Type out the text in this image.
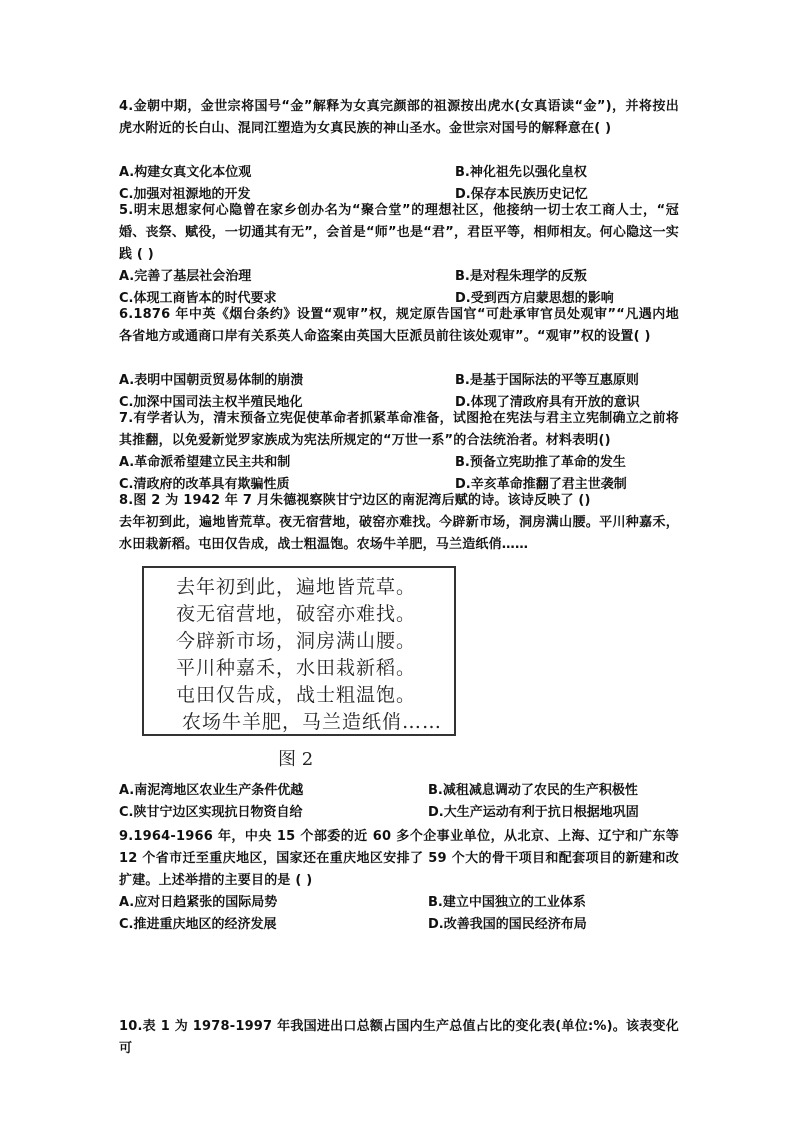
4.金朝中期，金世宗将国号“金”解释为女真完颜部的祖源按出虎水(女真语读“金”)，并将按出虎水附近的长白山、混同江塑造为女真民族的神山圣水。金世宗对国号的解释意在( )
A.构建女真文化本位观	B.神化祖先以强化皇权
C.加强对祖源地的开发	D.保存本民族历史记忆
5.明末思想家何心隐曾在家乡创办名为“聚合堂”的理想社区，他接纳一切士农工商人士，“冠婚、丧祭、赋役，一切通其有无”，会首是“师”也是“君”，君臣平等，相师相友。何心隐这一实践 ( )
A.完善了基层社会治理	B.是对程朱理学的反叛
C.体现工商皆本的时代要求	D.受到西方启蒙思想的影响
6.1876 年中英《烟台条约》设置“观审”权，规定原告国官“可赴承审官员处观审”“凡遇内地各省地方或通商口岸有关系英人命盗案由英国大臣派员前往该处观审”。“观审”权的设置( )
A.表明中国朝贡贸易体制的崩溃	B.是基于国际法的平等互惠原则
C.加深中国司法主权半殖民地化	D.体现了清政府具有开放的意识
7.有学者认为，清末预备立宪促使革命者抓紧革命准备，试图抢在宪法与君主立宪制确立之前将其推翻，以免爱新觉罗家族成为宪法所规定的“万世一系”的合法统治者。材料表明()
A.革命派希望建立民主共和制	B.预备立宪助推了革命的发生
C.清政府的改革具有欺骗性质	D.辛亥革命推翻了君主世袭制
8.图 2 为 1942 年 7 月朱德视察陕甘宁边区的南泥湾后赋的诗。该诗反映了 ()
去年初到此，遍地皆荒草。夜无宿营地，破窑亦难找。今辟新市场，洞房满山腰。平川种嘉禾，水田栽新稻。屯田仅告成，战士粗温饱。农场牛羊肥，马兰造纸俏……
去年初到此，遍地皆荒草。
夜无宿营地，破窑亦难找。
今辟新市场，洞房满山腰。
平川种嘉禾，水田栽新稻。
屯田仅告成，战士粗温饱。
农场牛羊肥，马兰造纸俏……
图 2
A.南泥湾地区农业生产条件优越	B.减租减息调动了农民的生产积极性
C.陕甘宁边区实现抗日物资自给	D.大生产运动有利于抗日根据地巩固
9.1964-1966 年，中央 15 个部委的近 60 多个企事业单位，从北京、上海、辽宁和广东等 12 个省市迁至重庆地区，国家还在重庆地区安排了 59 个大的骨干项目和配套项目的新建和改扩建。上述举措的主要目的是 ( )
A.应对日趋紧张的国际局势	B.建立中国独立的工业体系
C.推进重庆地区的经济发展	D.改善我国的国民经济布局
10.表 1 为 1978-1997 年我国进出口总额占国内生产总值占比的变化表(单位:%)。该表变化可
